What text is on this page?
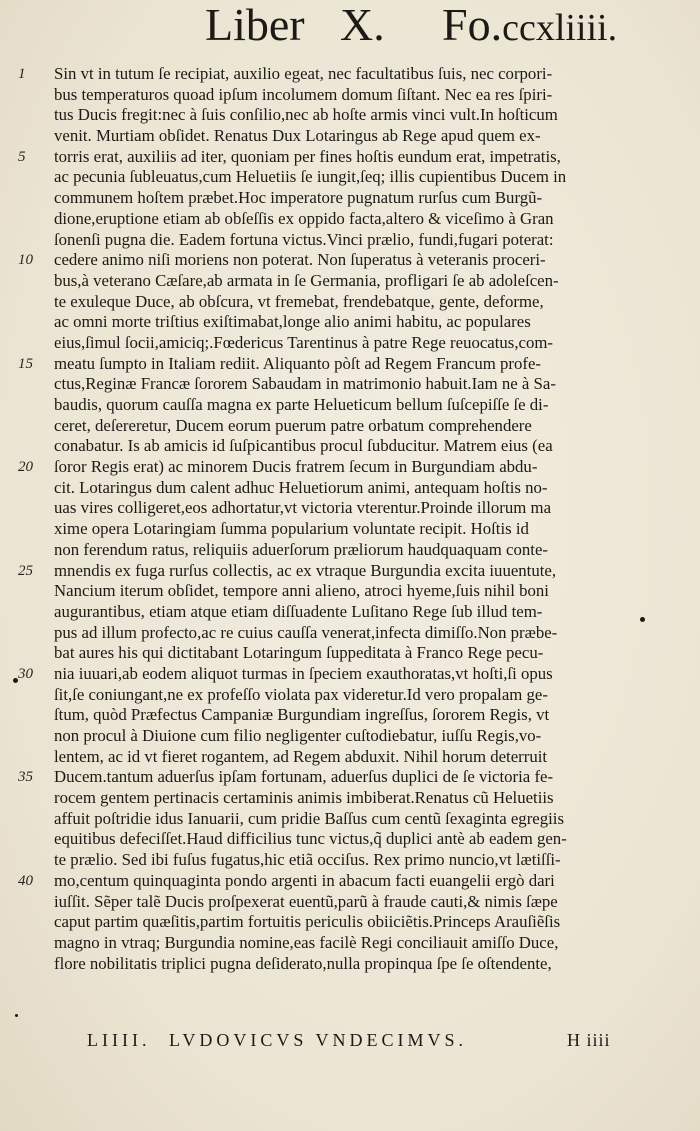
Liber X. Fo.ccxliiii.
1	Sin vt in tutum ſe recipiat, auxilio egeat, nec facultatibus ſuis, nec corpori-
bus temperaturos quoad ipſum incolumem domum ſiſtant. Nec ea res ſpiri-
tus Ducis fregit:nec à ſuis conſilio,nec ab hoſte armis vinci vult.In hoſticum
venit. Murtiam obſidet. Renatus Dux Lotaringus ab Rege apud quem ex-
5	torris erat, auxiliis ad iter, quoniam per fines hoſtis eundum erat, impetratis,
ac pecunia ſubleuatus,cum Heluetiis ſe iungit,ſeq; illis cupientibus Ducem in
communem hoſtem præbet.Hoc imperatore pugnatum rurſus cum Burgũ-
dione,eruptione etiam ab obſeſſis ex oppido facta,altero & viceſimo à Gran
ſonenſi pugna die. Eadem fortuna victus.Vinci prælio, fundi,fugari poterat:
10	cedere animo niſi moriens non poterat. Non ſuperatus à veteranis proceri-
bus,à veterano Cæſare,ab armata in ſe Germania, profligari ſe ab adoleſcen-
te exuleque Duce, ab obſcura, vt fremebat, frendebatque, gente, deforme,
ac omni morte triſtius exiſtimabat,longe alio animi habitu, ac populares
eius,ſimul ſocii,amiciq;.Fœdericus Tarentinus à patre Rege reuocatus,com-
15	meatu ſumpto in Italiam rediit. Aliquanto pòſt ad Regem Francum profe-
ctus,Reginæ Francæ ſororem Sabaudam in matrimonio habuit.Iam ne à Sa-
baudis, quorum cauſſa magna ex parte Helueticum bellum ſuſcepiſſe ſe di-
ceret, deſereretur, Ducem eorum puerum patre orbatum comprehendere
conabatur. Is ab amicis id ſuſpicantibus procul ſubducitur. Matrem eius (ea
20	ſoror Regis erat) ac minorem Ducis fratrem ſecum in Burgundiam abdu-
cit. Lotaringus dum calent adhuc Heluetiorum animi, antequam hoſtis no-
uas vires colligeret,eos adhortatur,vt victoria vterentur.Proinde illorum ma
xime opera Lotaringiam ſumma popularium voluntate recipit. Hoſtis id
non ferendum ratus, reliquiis aduerſorum præliorum haudquaquam conte-
25	mnendis ex fuga rurſus collectis, ac ex vtraque Burgundia excita iuuentute,
Nancium iterum obſidet, tempore anni alieno, atroci hyeme,ſuis nihil boni
augurantibus, etiam atque etiam diſſuadente Luſitano Rege ſub illud tem-
pus ad illum profecto,ac re cuius cauſſa venerat,infecta dimiſſo.Non præbe-
bat aures his qui dictitabant Lotaringum ſuppeditata à Franco Rege pecu-
30	nia iuuari,ab eodem aliquot turmas in ſpeciem exauthoratas,vt hoſti,ſi opus
ſit,ſe coniungant,ne ex profeſſo violata pax videretur.Id vero propalam ge-
ſtum, quòd Præfectus Campaniæ Burgundiam ingreſſus, ſororem Regis, vt
non procul à Diuione cum filio negligenter cuſtodiebatur, iuſſu Regis,vo-
lentem, ac id vt fieret rogantem, ad Regem abduxit. Nihil horum deterruit
35	Ducem.tantum aduerſus ipſam fortunam, aduerſus duplici de ſe victoria fe-
rocem gentem pertinacis certaminis animis imbiberat.Renatus cũ Heluetiis
affuit poſtridie idus Ianuarii, cum pridie Baſſus cum centũ ſexaginta egregiis
equitibus defeciſſet.Haud difficilius tunc victus,q̃ duplici antè ab eadem gen-
te prælio. Sed ibi fuſus fugatus,hic etiã occiſus. Rex primo nuncio,vt lætiſſi-
40	mo,centum quinquaginta pondo argenti in abacum facti euangelii ergò dari
iuſſit. Sẽper talẽ Ducis proſpexerat euentũ,parũ à fraude cauti,& nimis ſæpe
caput partim quæſitis,partim fortuitis periculis obiiciẽtis.Princeps Arauſiẽſis
magno in vtraq; Burgundia nomine,eas facilè Regi conciliauit amiſſo Duce,
flore nobilitatis triplici pugna deſiderato,nulla propinqua ſpe ſe oſtendente,
LIIII. LVDOVICVS VNDECIMVS.	H iiii
